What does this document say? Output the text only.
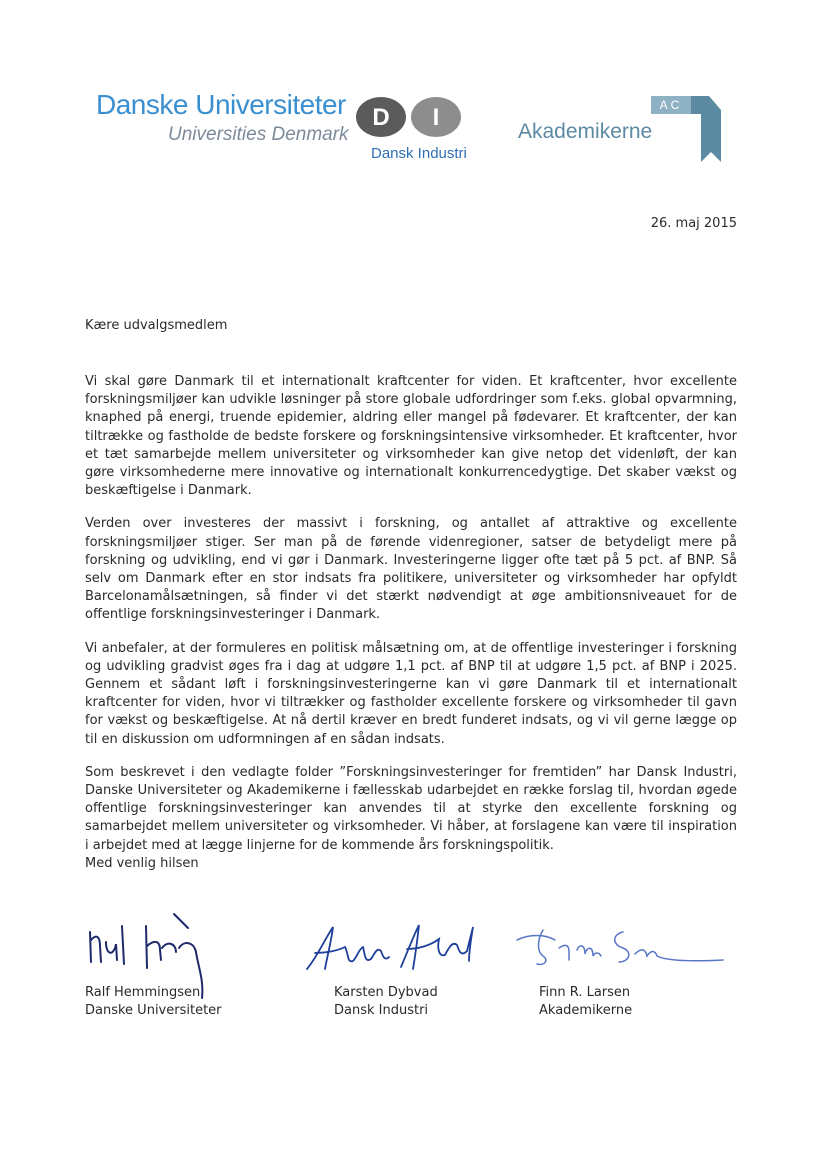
Danske Universiteter
Universities Denmark
D I
Dansk Industri
AC
Akademikerne
26. maj 2015
Kære udvalgsmedlem

Vi skal gøre Danmark til et internationalt kraftcenter for viden. Et kraftcenter, hvor excellente forskningsmiljøer kan udvikle løsninger på store globale udfordringer som f.eks. global opvarmning, knaphed på energi, truende epidemier, aldring eller mangel på fødevarer. Et kraftcenter, der kan tiltrække og fastholde de bedste forskere og forskningsintensive virksomheder. Et kraftcenter, hvor et tæt samarbejde mellem universiteter og virksomheder kan give netop det videnløft, der kan gøre virksomhederne mere innovative og internationalt konkurrencedygtige. Det skaber vækst og beskæftigelse i Danmark.

Verden over investeres der massivt i forskning, og antallet af attraktive og excellente forskningsmiljøer stiger. Ser man på de førende videnregioner, satser de betydeligt mere på forskning og udvikling, end vi gør i Danmark. Investeringerne ligger ofte tæt på 5 pct. af BNP. Så selv om Danmark efter en stor indsats fra politikere, universiteter og virksomheder har opfyldt Barcelonamålsætningen, så finder vi det stærkt nødvendigt at øge ambitionsniveauet for de offentlige forskningsinvesteringer i Danmark.

Vi anbefaler, at der formuleres en politisk målsætning om, at de offentlige investeringer i forskning og udvikling gradvist øges fra i dag at udgøre 1,1 pct. af BNP til at udgøre 1,5 pct. af BNP i 2025. Gennem et sådant løft i forskningsinvesteringerne kan vi gøre Danmark til et internationalt kraftcenter for viden, hvor vi tiltrækker og fastholder excellente forskere og virksomheder til gavn for vækst og beskæftigelse. At nå dertil kræver en bredt funderet indsats, og vi vil gerne lægge op til en diskussion om udformningen af en sådan indsats.

Som beskrevet i den vedlagte folder ”Forskningsinvesteringer for fremtiden” har Dansk Industri, Danske Universiteter og Akademikerne i fællesskab udarbejdet en række forslag til, hvordan øgede offentlige forskningsinvesteringer kan anvendes til at styrke den excellente forskning og samarbejdet mellem universiteter og virksomheder. Vi håber, at forslagene kan være til inspiration i arbejdet med at lægge linjerne for de kommende års forskningspolitik.

Med venlig hilsen
Ralf Hemmingsen
Danske Universiteter
Karsten Dybvad
Dansk Industri
Finn R. Larsen
Akademikerne
